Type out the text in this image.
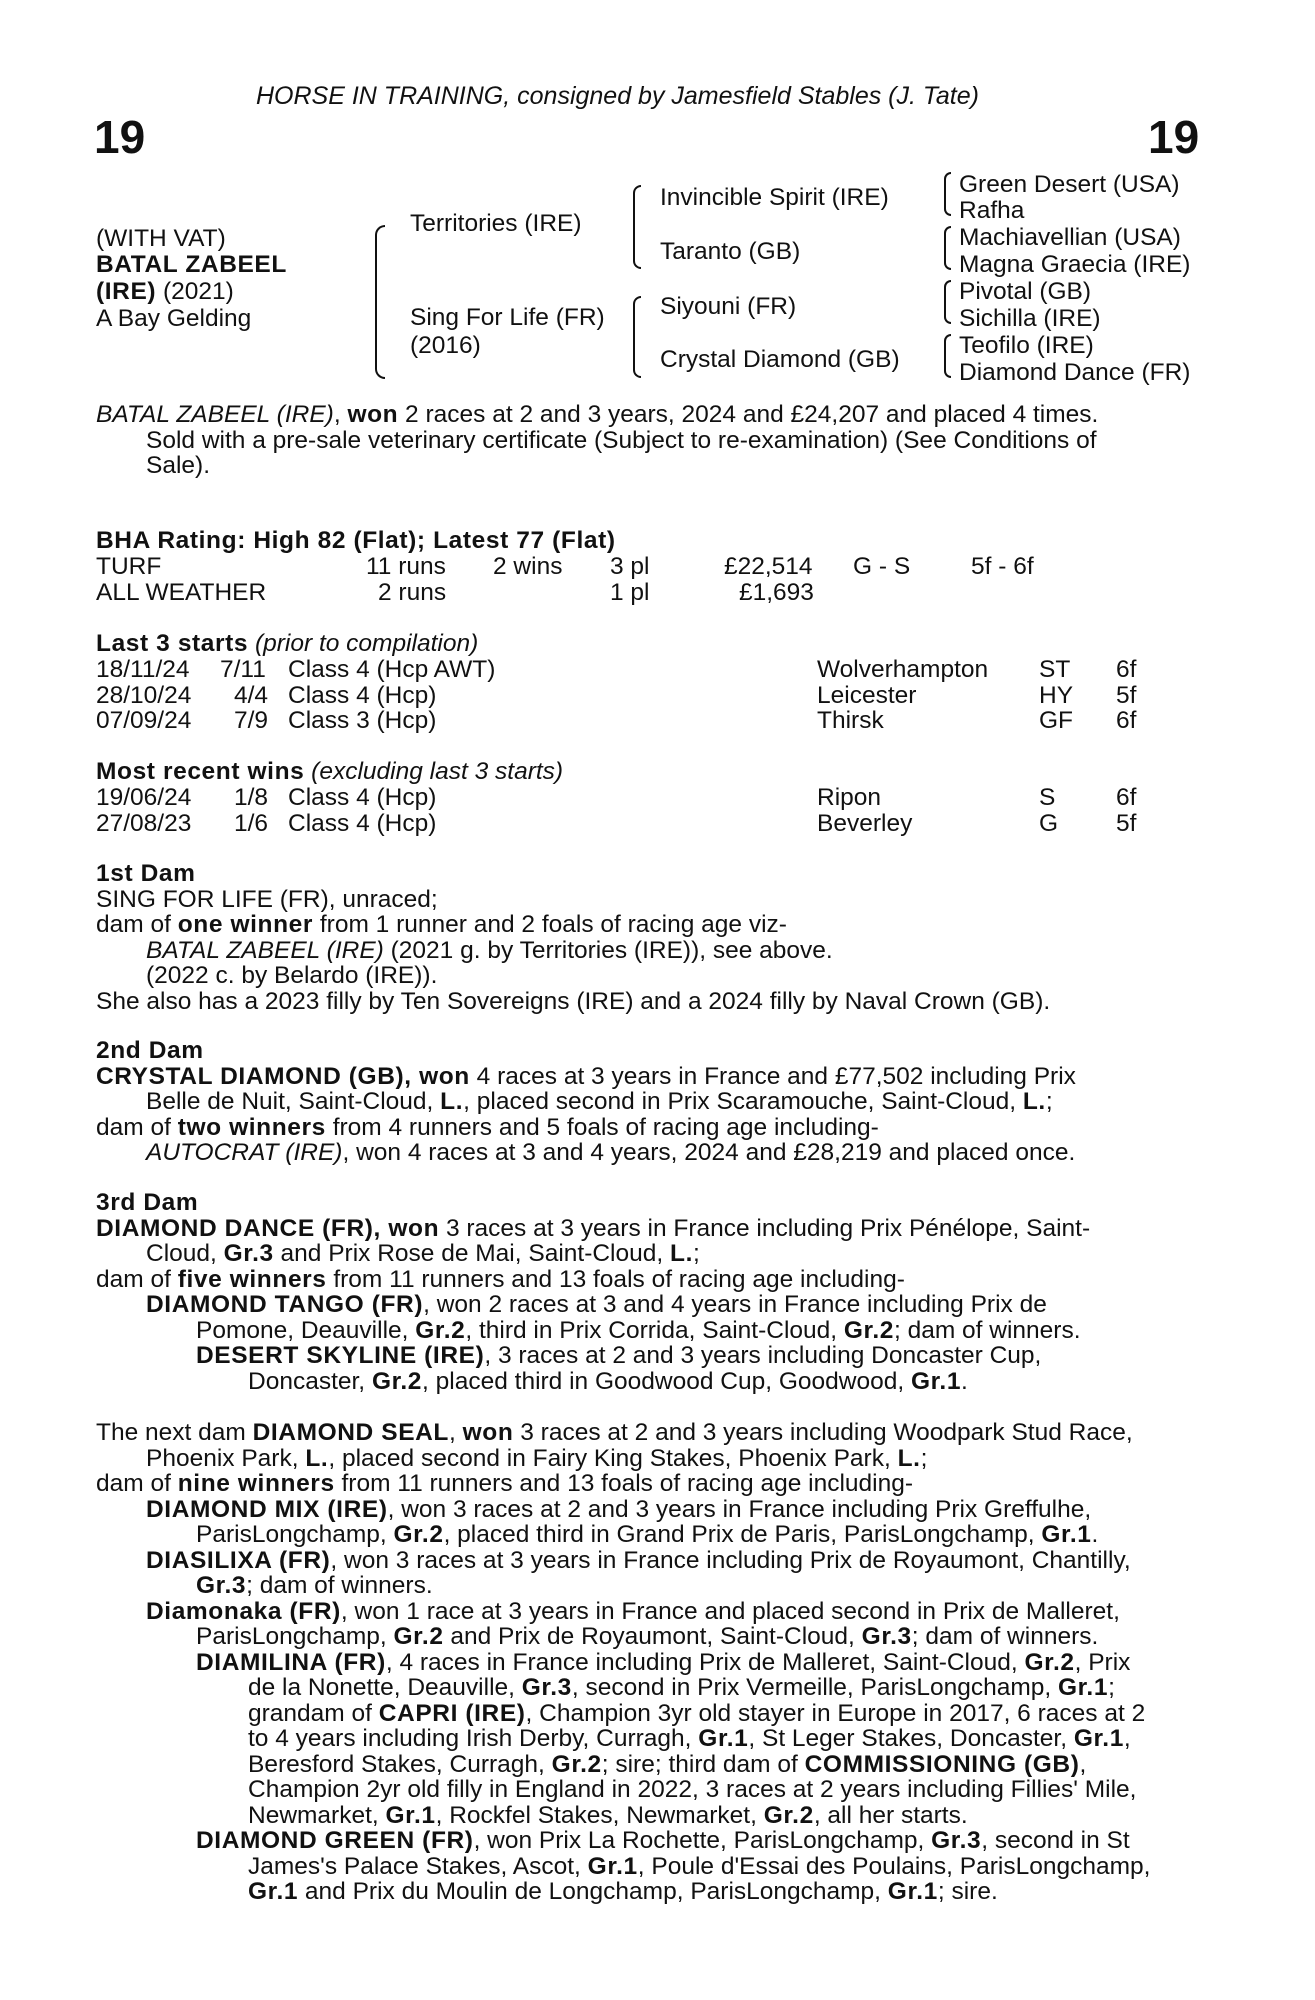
HORSE IN TRAINING, consigned by Jamesfield Stables (J. Tate)
19	19
(WITH VAT)
BATAL ZABEEL
(IRE) (2021)
A Bay Gelding
Territories (IRE)
Sing For Life (FR)
(2016)
Invincible Spirit (IRE)
Taranto (GB)
Siyouni (FR)
Crystal Diamond (GB)
Green Desert (USA)
Rafha
Machiavellian (USA)
Magna Graecia (IRE)
Pivotal (GB)
Sichilla (IRE)
Teofilo (IRE)
Diamond Dance (FR)
BATAL ZABEEL (IRE), won 2 races at 2 and 3 years, 2024 and £24,207 and placed 4 times.
Sold with a pre-sale veterinary certificate (Subject to re-examination) (See Conditions of
Sale).
BHA Rating: High 82 (Flat); Latest 77 (Flat)
TURF	11 runs 2 wins 3 pl	£22,514 G - S 5f - 6f
ALL WEATHER	2 runs	1 pl	£1,693
Last 3 starts (prior to compilation)
18/11/24 7/11 Class 4 (Hcp AWT)	Wolverhampton ST 6f
28/10/24 4/4 Class 4 (Hcp)	Leicester	HY 5f
07/09/24 7/9 Class 3 (Hcp)	Thirsk	GF 6f
Most recent wins (excluding last 3 starts)
19/06/24 1/8 Class 4 (Hcp)	Ripon	S 6f
27/08/23 1/6 Class 4 (Hcp)	Beverley	G 5f
1st Dam
SING FOR LIFE (FR), unraced;
dam of one winner from 1 runner and 2 foals of racing age viz-
BATAL ZABEEL (IRE) (2021 g. by Territories (IRE)), see above.
(2022 c. by Belardo (IRE)).
She also has a 2023 filly by Ten Sovereigns (IRE) and a 2024 filly by Naval Crown (GB).
2nd Dam
CRYSTAL DIAMOND (GB), won 4 races at 3 years in France and £77,502 including Prix
Belle de Nuit, Saint-Cloud, L., placed second in Prix Scaramouche, Saint-Cloud, L.;
dam of two winners from 4 runners and 5 foals of racing age including-
AUTOCRAT (IRE), won 4 races at 3 and 4 years, 2024 and £28,219 and placed once.
3rd Dam
DIAMOND DANCE (FR), won 3 races at 3 years in France including Prix Pénélope, Saint-
Cloud, Gr.3 and Prix Rose de Mai, Saint-Cloud, L.;
dam of five winners from 11 runners and 13 foals of racing age including-
DIAMOND TANGO (FR), won 2 races at 3 and 4 years in France including Prix de
Pomone, Deauville, Gr.2, third in Prix Corrida, Saint-Cloud, Gr.2; dam of winners.
DESERT SKYLINE (IRE), 3 races at 2 and 3 years including Doncaster Cup,
Doncaster, Gr.2, placed third in Goodwood Cup, Goodwood, Gr.1.
The next dam DIAMOND SEAL, won 3 races at 2 and 3 years including Woodpark Stud Race,
Phoenix Park, L., placed second in Fairy King Stakes, Phoenix Park, L.;
dam of nine winners from 11 runners and 13 foals of racing age including-
DIAMOND MIX (IRE), won 3 races at 2 and 3 years in France including Prix Greffulhe,
ParisLongchamp, Gr.2, placed third in Grand Prix de Paris, ParisLongchamp, Gr.1.
DIASILIXA (FR), won 3 races at 3 years in France including Prix de Royaumont, Chantilly,
Gr.3; dam of winners.
Diamonaka (FR), won 1 race at 3 years in France and placed second in Prix de Malleret,
ParisLongchamp, Gr.2 and Prix de Royaumont, Saint-Cloud, Gr.3; dam of winners.
DIAMILINA (FR), 4 races in France including Prix de Malleret, Saint-Cloud, Gr.2, Prix
de la Nonette, Deauville, Gr.3, second in Prix Vermeille, ParisLongchamp, Gr.1;
grandam of CAPRI (IRE), Champion 3yr old stayer in Europe in 2017, 6 races at 2
to 4 years including Irish Derby, Curragh, Gr.1, St Leger Stakes, Doncaster, Gr.1,
Beresford Stakes, Curragh, Gr.2; sire; third dam of COMMISSIONING (GB),
Champion 2yr old filly in England in 2022, 3 races at 2 years including Fillies' Mile,
Newmarket, Gr.1, Rockfel Stakes, Newmarket, Gr.2, all her starts.
DIAMOND GREEN (FR), won Prix La Rochette, ParisLongchamp, Gr.3, second in St
James's Palace Stakes, Ascot, Gr.1, Poule d'Essai des Poulains, ParisLongchamp,
Gr.1 and Prix du Moulin de Longchamp, ParisLongchamp, Gr.1; sire.
